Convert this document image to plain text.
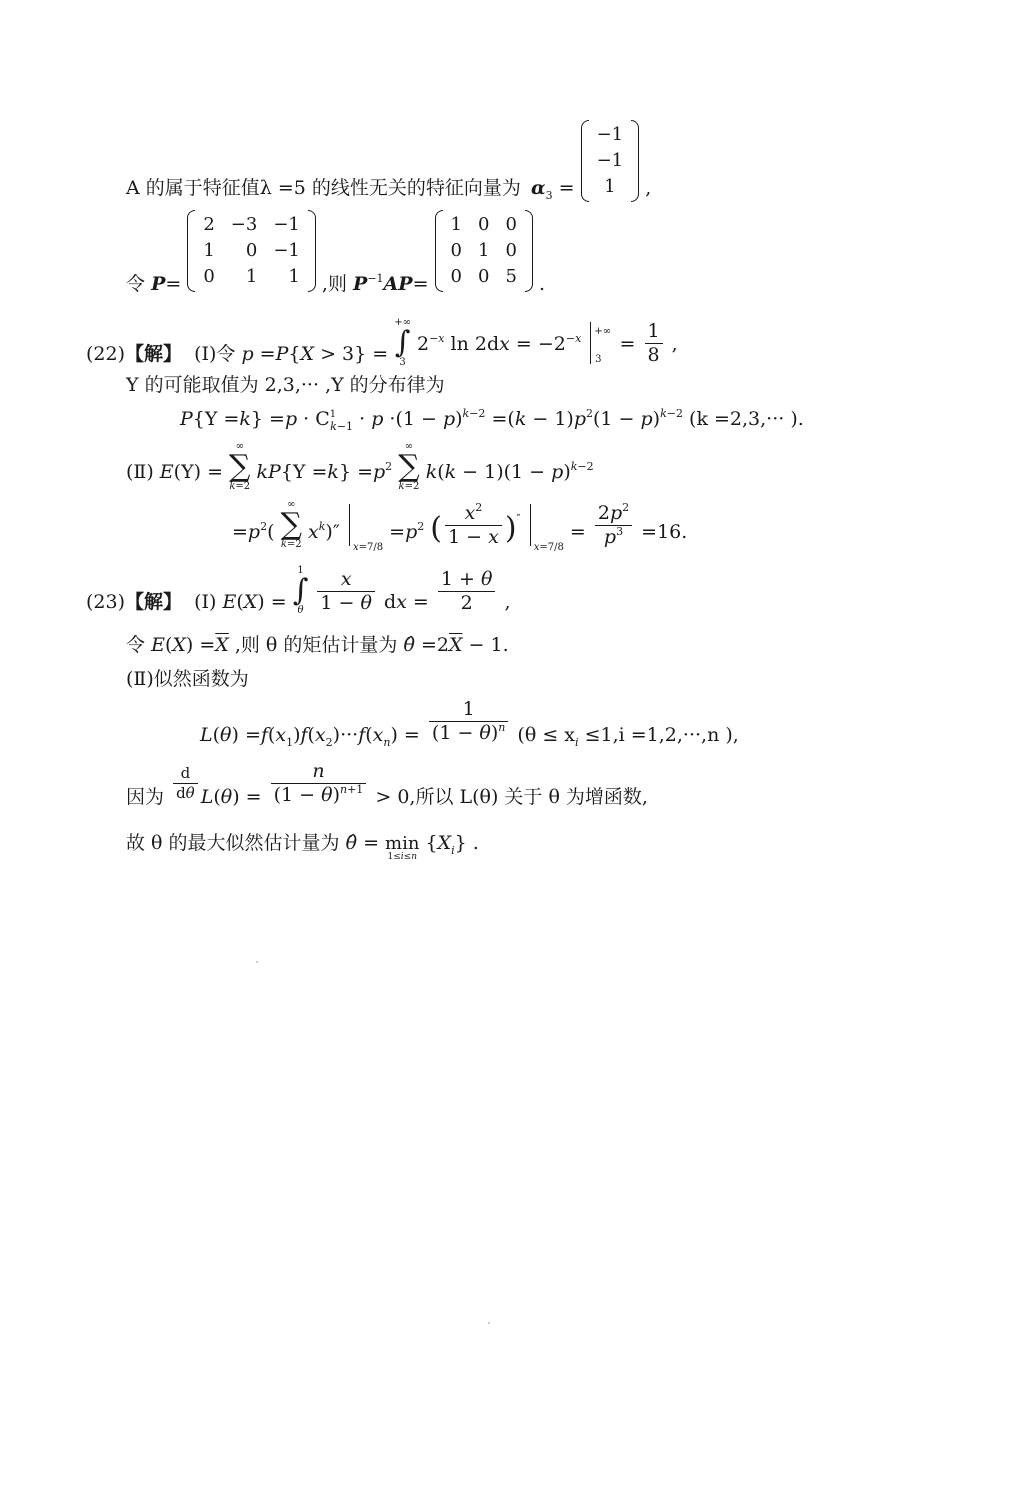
A 的属于特征值λ =5 的线性无关的特征向量为 $\alpha_3$ =
−1
−1
1 ,
令 P=
2	−3	−1
1	0	−1
0	1	1 ,则 $P_{-1}AP=$
1	0	0
0	1	0
0	0	5 .
(22)【解】 (Ⅰ)令 p =P{X > 3} =
+∞
∫
3
$2^{-x}$ $\ln 2dx = -2^{-x}$ $^{+\infty}_3 = \frac{1}{8}$ ,
Y 的可能取值为 2,3,··· ,Y 的分布律为
$P\{Y =k\} =p \cdot C^1_{k-1} \cdot p \cdot(1 - p)^{k-2} =(k - 1)p^2(1 - p)^{k-2}$ (k =2,3,··· ).
(Ⅱ) E(Y) =
∞
∑
k=2
$kP\{Y =k\} =p^2$
∞
∑
k=2
$k(k - 1)(1 - p)^{k-2}$
$=p^2$(
∞
∑
k=2
$x^k)''$ $_{x=7/8} =p^2$ ( $\frac{x^2}{1 - x} )''$ $_{x=7/8} = \frac{2p^2}{p^3} =16$.
(23)【解】 (Ⅰ) E(X) =
1
∫
θ
$\frac{x}{1 - \theta}$ dx = $\frac{1 + \theta}{2}$ ,
令 $E(X) =\overline{X}$ ,则 θ 的矩估计量为 θ̂ $=2\overline{X} - 1$.
(Ⅱ)似然函数为
$L(\theta) =f(x_1)f(x_2)\cdot\cdot\cdot f(x_n) = \frac{1}{(1 - \theta)^n} (\theta \le x_i \le 1,i =1,2,\cdot\cdot\cdot,n$ ),
因为 $\frac{d}{d\theta} L(\theta) = \frac{n}{(1 - \theta)^{n+1}} > 0$,所以 L(θ) 关于 θ 为增函数,
故 θ 的最大似然估计量为 θ̂ = min
1≤i≤n
$\{X_i\}$ .
